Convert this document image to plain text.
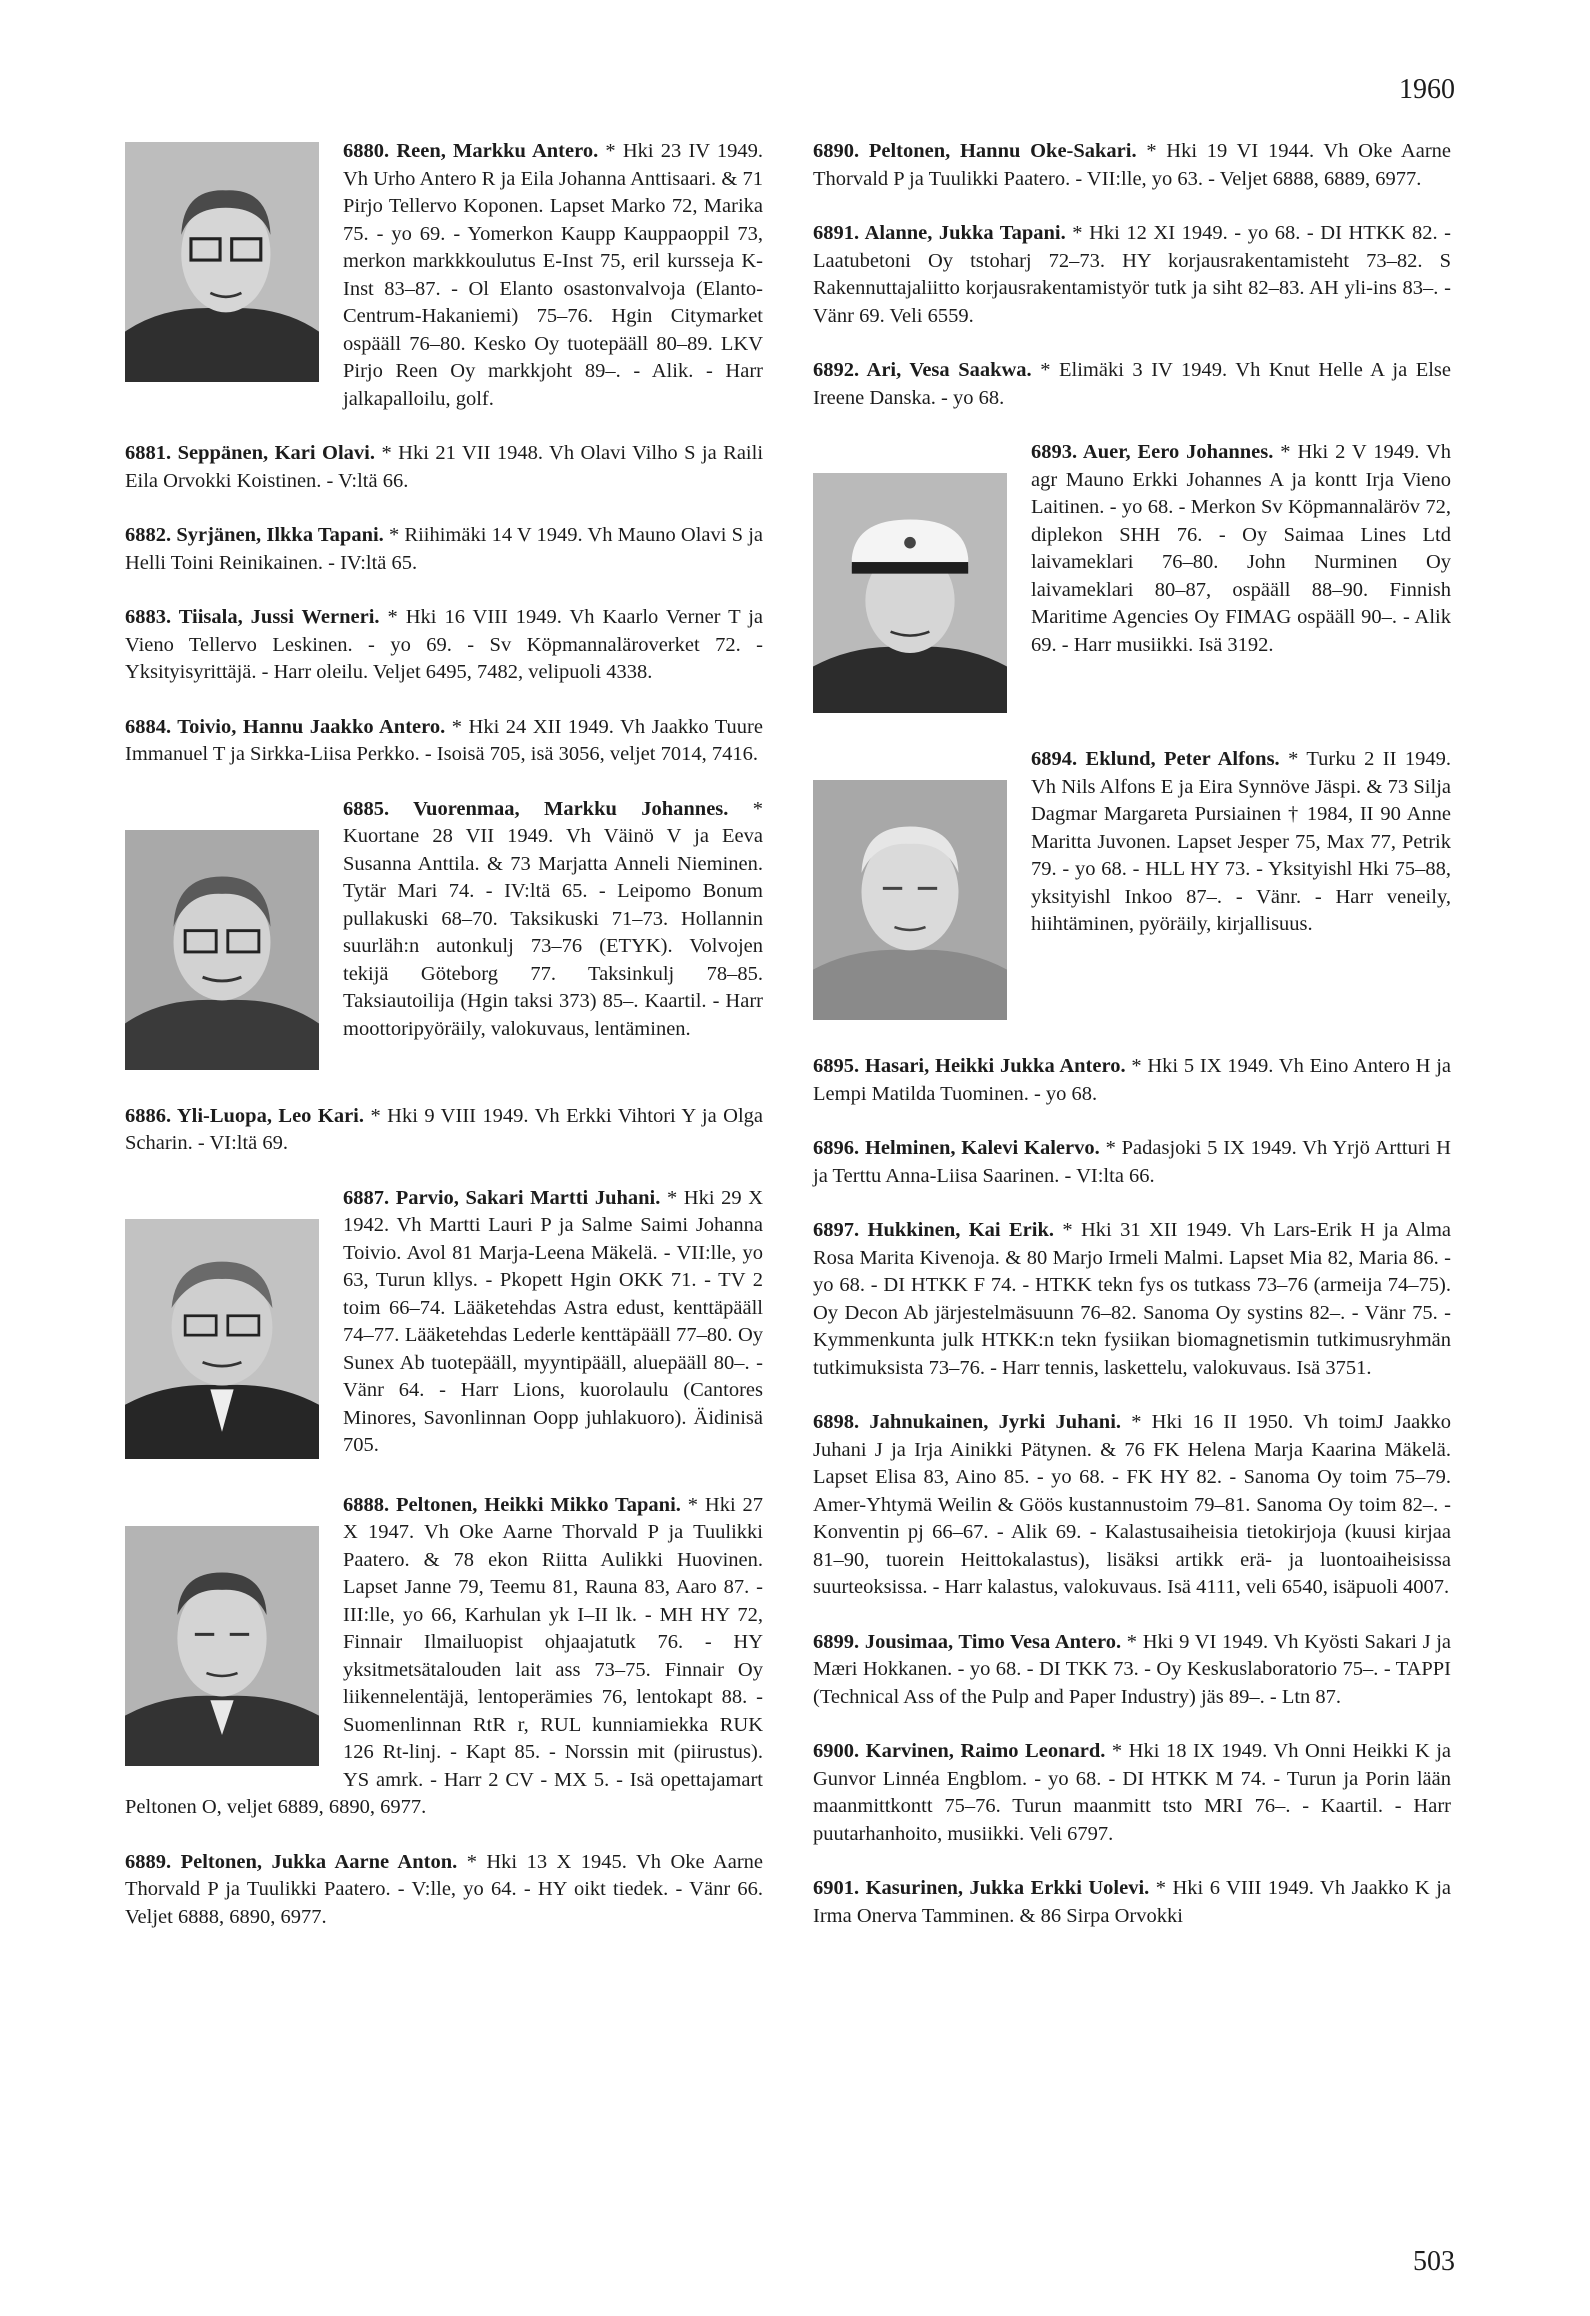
1960
6880. Reen, Markku Antero. * Hki 23 IV 1949. Vh Urho Antero R ja Eila Johanna Anttisaari. & 71 Pirjo Tellervo Koponen. Lapset Marko 72, Marika 75. - yo 69. - Yomerkon Kaupp Kauppaoppil 73, merkon markkkoulutus E-Inst 75, eril kursseja K-Inst 83–87. - Ol Elanto osastonvalvoja (Elanto-Centrum-Hakaniemi) 75–76. Hgin Citymarket ospääll 76–80. Kesko Oy tuotepääll 80–89. LKV Pirjo Reen Oy markkjoht 89–. - Alik. - Harr jalkapalloilu, golf.
6881. Seppänen, Kari Olavi. * Hki 21 VII 1948. Vh Olavi Vilho S ja Raili Eila Orvokki Koistinen. - V:ltä 66.
6882. Syrjänen, Ilkka Tapani. * Riihimäki 14 V 1949. Vh Mauno Olavi S ja Helli Toini Reinikainen. - IV:ltä 65.
6883. Tiisala, Jussi Werneri. * Hki 16 VIII 1949. Vh Kaarlo Verner T ja Vieno Tellervo Leskinen. - yo 69. - Sv Köpmannaläroverket 72. - Yksityisyrittäjä. - Harr oleilu. Veljet 6495, 7482, velipuoli 4338.
6884. Toivio, Hannu Jaakko Antero. * Hki 24 XII 1949. Vh Jaakko Tuure Immanuel T ja Sirkka-Liisa Perkko. - Isoisä 705, isä 3056, veljet 7014, 7416.
6885. Vuorenmaa, Markku Johannes. * Kuortane 28 VII 1949. Vh Väinö V ja Eeva Susanna Anttila. & 73 Marjatta Anneli Nieminen. Tytär Mari 74. - IV:ltä 65. - Leipomo Bonum pullakuski 68–70. Taksikuski 71–73. Hollannin suurläh:n autonkulj 73–76 (ETYK). Volvojen tekijä Göteborg 77. Taksinkulj 78–85. Taksiautoilija (Hgin taksi 373) 85–. Kaartil. - Harr moottoripyöräily, valokuvaus, lentäminen.
6886. Yli-Luopa, Leo Kari. * Hki 9 VIII 1949. Vh Erkki Vihtori Y ja Olga Scharin. - VI:ltä 69.
6887. Parvio, Sakari Martti Juhani. * Hki 29 X 1942. Vh Martti Lauri P ja Salme Saimi Johanna Toivio. Avol 81 Marja-Leena Mäkelä. - VII:lle, yo 63, Turun kllys. - Pkopett Hgin OKK 71. - TV 2 toim 66–74. Lääketehdas Astra edust, kenttäpääll 74–77. Lääketehdas Lederle kenttäpääll 77–80. Oy Sunex Ab tuotepääll, myyntipääll, aluepääll 80–. - Vänr 64. - Harr Lions, kuorolaulu (Cantores Minores, Savonlinnan Oopp juhlakuoro). Äidinisä 705.
6888. Peltonen, Heikki Mikko Tapani. * Hki 27 X 1947. Vh Oke Aarne Thorvald P ja Tuulikki Paatero. & 78 ekon Riitta Aulikki Huovinen. Lapset Janne 79, Teemu 81, Rauna 83, Aaro 87. - III:lle, yo 66, Karhulan yk I–II lk. - MH HY 72, Finnair Ilmailuopist ohjaajatutk 76. - HY yksitmetsätalouden lait ass 73–75. Finnair Oy liikennelentäjä, lentoperämies 76, lentokapt 88. - Suomenlinnan RtR r, RUL kunniamiekka RUK 126 Rt-linj. - Kapt 85. - Norssin mit (piirustus). YS amrk. - Harr 2 CV - MX 5. - Isä opettajamart Peltonen O, veljet 6889, 6890, 6977.
6889. Peltonen, Jukka Aarne Anton. * Hki 13 X 1945. Vh Oke Aarne Thorvald P ja Tuulikki Paatero. - V:lle, yo 64. - HY oikt tiedek. - Vänr 66. Veljet 6888, 6890, 6977.
6890. Peltonen, Hannu Oke-Sakari. * Hki 19 VI 1944. Vh Oke Aarne Thorvald P ja Tuulikki Paatero. - VII:lle, yo 63. - Veljet 6888, 6889, 6977.
6891. Alanne, Jukka Tapani. * Hki 12 XI 1949. - yo 68. - DI HTKK 82. - Laatubetoni Oy tstoharj 72–73. HY korjausrakentamisteht 73–82. S Rakennuttajaliitto korjausrakentamistyör tutk ja siht 82–83. AH yli-ins 83–. - Vänr 69. Veli 6559.
6892. Ari, Vesa Saakwa. * Elimäki 3 IV 1949. Vh Knut Helle A ja Else Ireene Danska. - yo 68.
6893. Auer, Eero Johannes. * Hki 2 V 1949. Vh agr Mauno Erkki Johannes A ja kontt Irja Vieno Laitinen. - yo 68. - Merkon Sv Köpmannaläröv 72, diplekon SHH 76. - Oy Saimaa Lines Ltd laivameklari 76–80. John Nurminen Oy laivameklari 80–87, ospääll 88–90. Finnish Maritime Agencies Oy FIMAG ospääll 90–. - Alik 69. - Harr musiikki. Isä 3192.
6894. Eklund, Peter Alfons. * Turku 2 II 1949. Vh Nils Alfons E ja Eira Synnöve Jäspi. & 73 Silja Dagmar Margareta Pursiainen † 1984, II 90 Anne Maritta Juvonen. Lapset Jesper 75, Max 77, Petrik 79. - yo 68. - HLL HY 73. - Yksityishl Hki 75–88, yksityishl Inkoo 87–. - Vänr. - Harr veneily, hiihtäminen, pyöräily, kirjallisuus.
6895. Hasari, Heikki Jukka Antero. * Hki 5 IX 1949. Vh Eino Antero H ja Lempi Matilda Tuominen. - yo 68.
6896. Helminen, Kalevi Kalervo. * Padasjoki 5 IX 1949. Vh Yrjö Artturi H ja Terttu Anna-Liisa Saarinen. - VI:lta 66.
6897. Hukkinen, Kai Erik. * Hki 31 XII 1949. Vh Lars-Erik H ja Alma Rosa Marita Kivenoja. & 80 Marjo Irmeli Malmi. Lapset Mia 82, Maria 86. - yo 68. - DI HTKK F 74. - HTKK tekn fys os tutkass 73–76 (armeija 74–75). Oy Decon Ab järjestelmäsuunn 76–82. Sanoma Oy systins 82–. - Vänr 75. - Kymmenkunta julk HTKK:n tekn fysiikan biomagnetismin tutkimusryhmän tutkimuksista 73–76. - Harr tennis, laskettelu, valokuvaus. Isä 3751.
6898. Jahnukainen, Jyrki Juhani. * Hki 16 II 1950. Vh toimJ Jaakko Juhani J ja Irja Ainikki Pätynen. & 76 FK Helena Marja Kaarina Mäkelä. Lapset Elisa 83, Aino 85. - yo 68. - FK HY 82. - Sanoma Oy toim 75–79. Amer-Yhtymä Weilin & Göös kustannustoim 79–81. Sanoma Oy toim 82–. - Konventin pj 66–67. - Alik 69. - Kalastusaiheisia tietokirjoja (kuusi kirjaa 81–90, tuorein Heittokalastus), lisäksi artikk erä- ja luontoaiheisissa suurteoksissa. - Harr kalastus, valokuvaus. Isä 4111, veli 6540, isäpuoli 4007.
6899. Jousimaa, Timo Vesa Antero. * Hki 9 VI 1949. Vh Kyösti Sakari J ja Mæri Hokkanen. - yo 68. - DI TKK 73. - Oy Keskuslaboratorio 75–. - TAPPI (Technical Ass of the Pulp and Paper Industry) jäs 89–. - Ltn 87.
6900. Karvinen, Raimo Leonard. * Hki 18 IX 1949. Vh Onni Heikki K ja Gunvor Linnéa Engblom. - yo 68. - DI HTKK M 74. - Turun ja Porin lään maanmittkontt 75–76. Turun maanmitt tsto MRI 76–. - Kaartil. - Harr puutarhanhoito, musiikki. Veli 6797.
6901. Kasurinen, Jukka Erkki Uolevi. * Hki 6 VIII 1949. Vh Jaakko K ja Irma Onerva Tamminen. & 86 Sirpa Orvokki
503
